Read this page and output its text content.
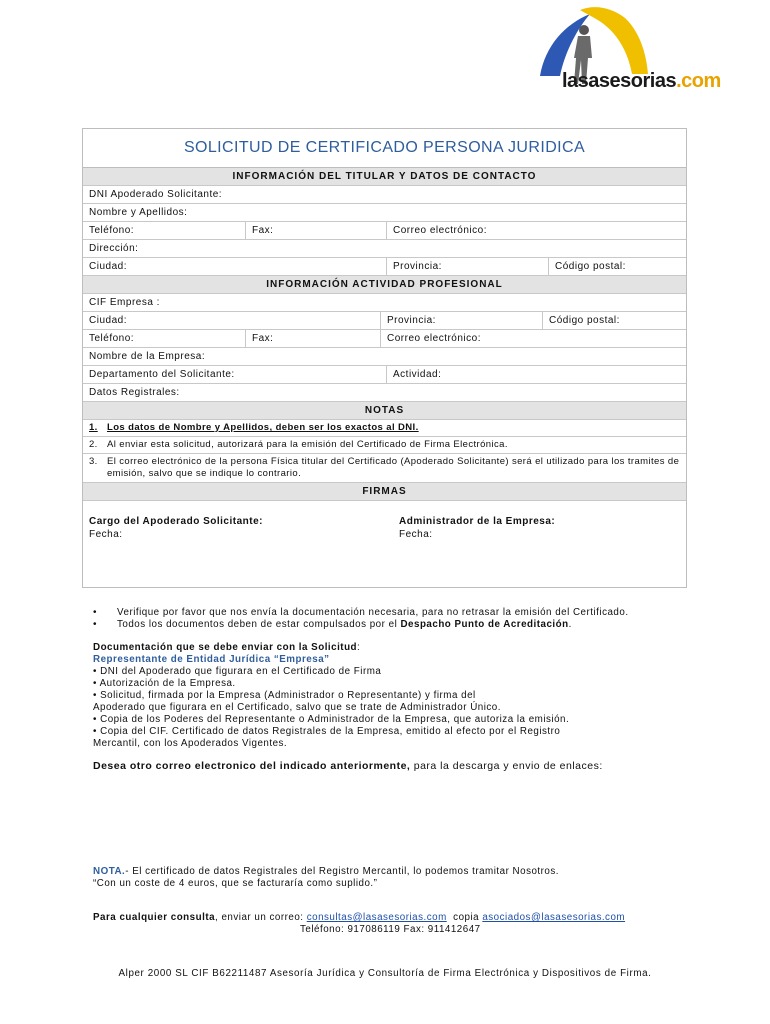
lasasesorias.com
SOLICITUD DE CERTIFICADO PERSONA JURIDICA
INFORMACIÓN DEL TITULAR Y DATOS DE CONTACTO
DNI Apoderado Solicitante:
Nombre y Apellidos:
Teléfono:	Fax:	Correo electrónico:
Dirección:
Ciudad:	Provincia:	Código postal:
INFORMACIÓN ACTIVIDAD PROFESIONAL
CIF Empresa :
Ciudad:	Provincia:	Código postal:
Teléfono:	Fax:	Correo electrónico:
Nombre de la Empresa:
Departamento del Solicitante:	Actividad:
Datos Registrales:
NOTAS
1. Los datos de Nombre y Apellidos, deben ser los exactos al DNI.
2. Al enviar esta solicitud, autorizará para la emisión del Certificado de Firma Electrónica.
3. El correo electrónico de la persona Física titular del Certificado (Apoderado Solicitante) será el utilizado para los tramites de emisión, salvo que se indique lo contrario.
FIRMAS
Cargo del Apoderado Solicitante:
Fecha:
Administrador de la Empresa:
Fecha:
•	Verifique por favor que nos envía la documentación necesaria, para no retrasar la emisión del Certificado.
•	Todos los documentos deben de estar compulsados por el Despacho Punto de Acreditación.
Documentación que se debe enviar con la Solicitud:
Representante de Entidad Jurídica “Empresa”
• DNI del Apoderado que figurara en el Certificado de Firma
• Autorización de la Empresa.
• Solicitud, firmada por la Empresa (Administrador o Representante) y firma del
Apoderado que figurara en el Certificado, salvo que se trate de Administrador Único.
• Copia de los Poderes del Representante o Administrador de la Empresa, que autoriza la emisión.
• Copia del CIF. Certificado de datos Registrales de la Empresa, emitido al efecto por el Registro
Mercantil, con los Apoderados Vigentes.
Desea otro correo electronico del indicado anteriormente, para la descarga y envio de enlaces:
NOTA.- El certificado de datos Registrales del Registro Mercantil, lo podemos tramitar Nosotros.
“Con un coste de 4 euros, que se facturaría como suplido.”
Para cualquier consulta, enviar un correo: consultas@lasasesorias.com  copia asociados@lasasesorias.com
Teléfono: 917086119 Fax: 911412647
Alper 2000 SL CIF B62211487 Asesoría Jurídica y Consultoría de Firma Electrónica y Dispositivos de Firma.
